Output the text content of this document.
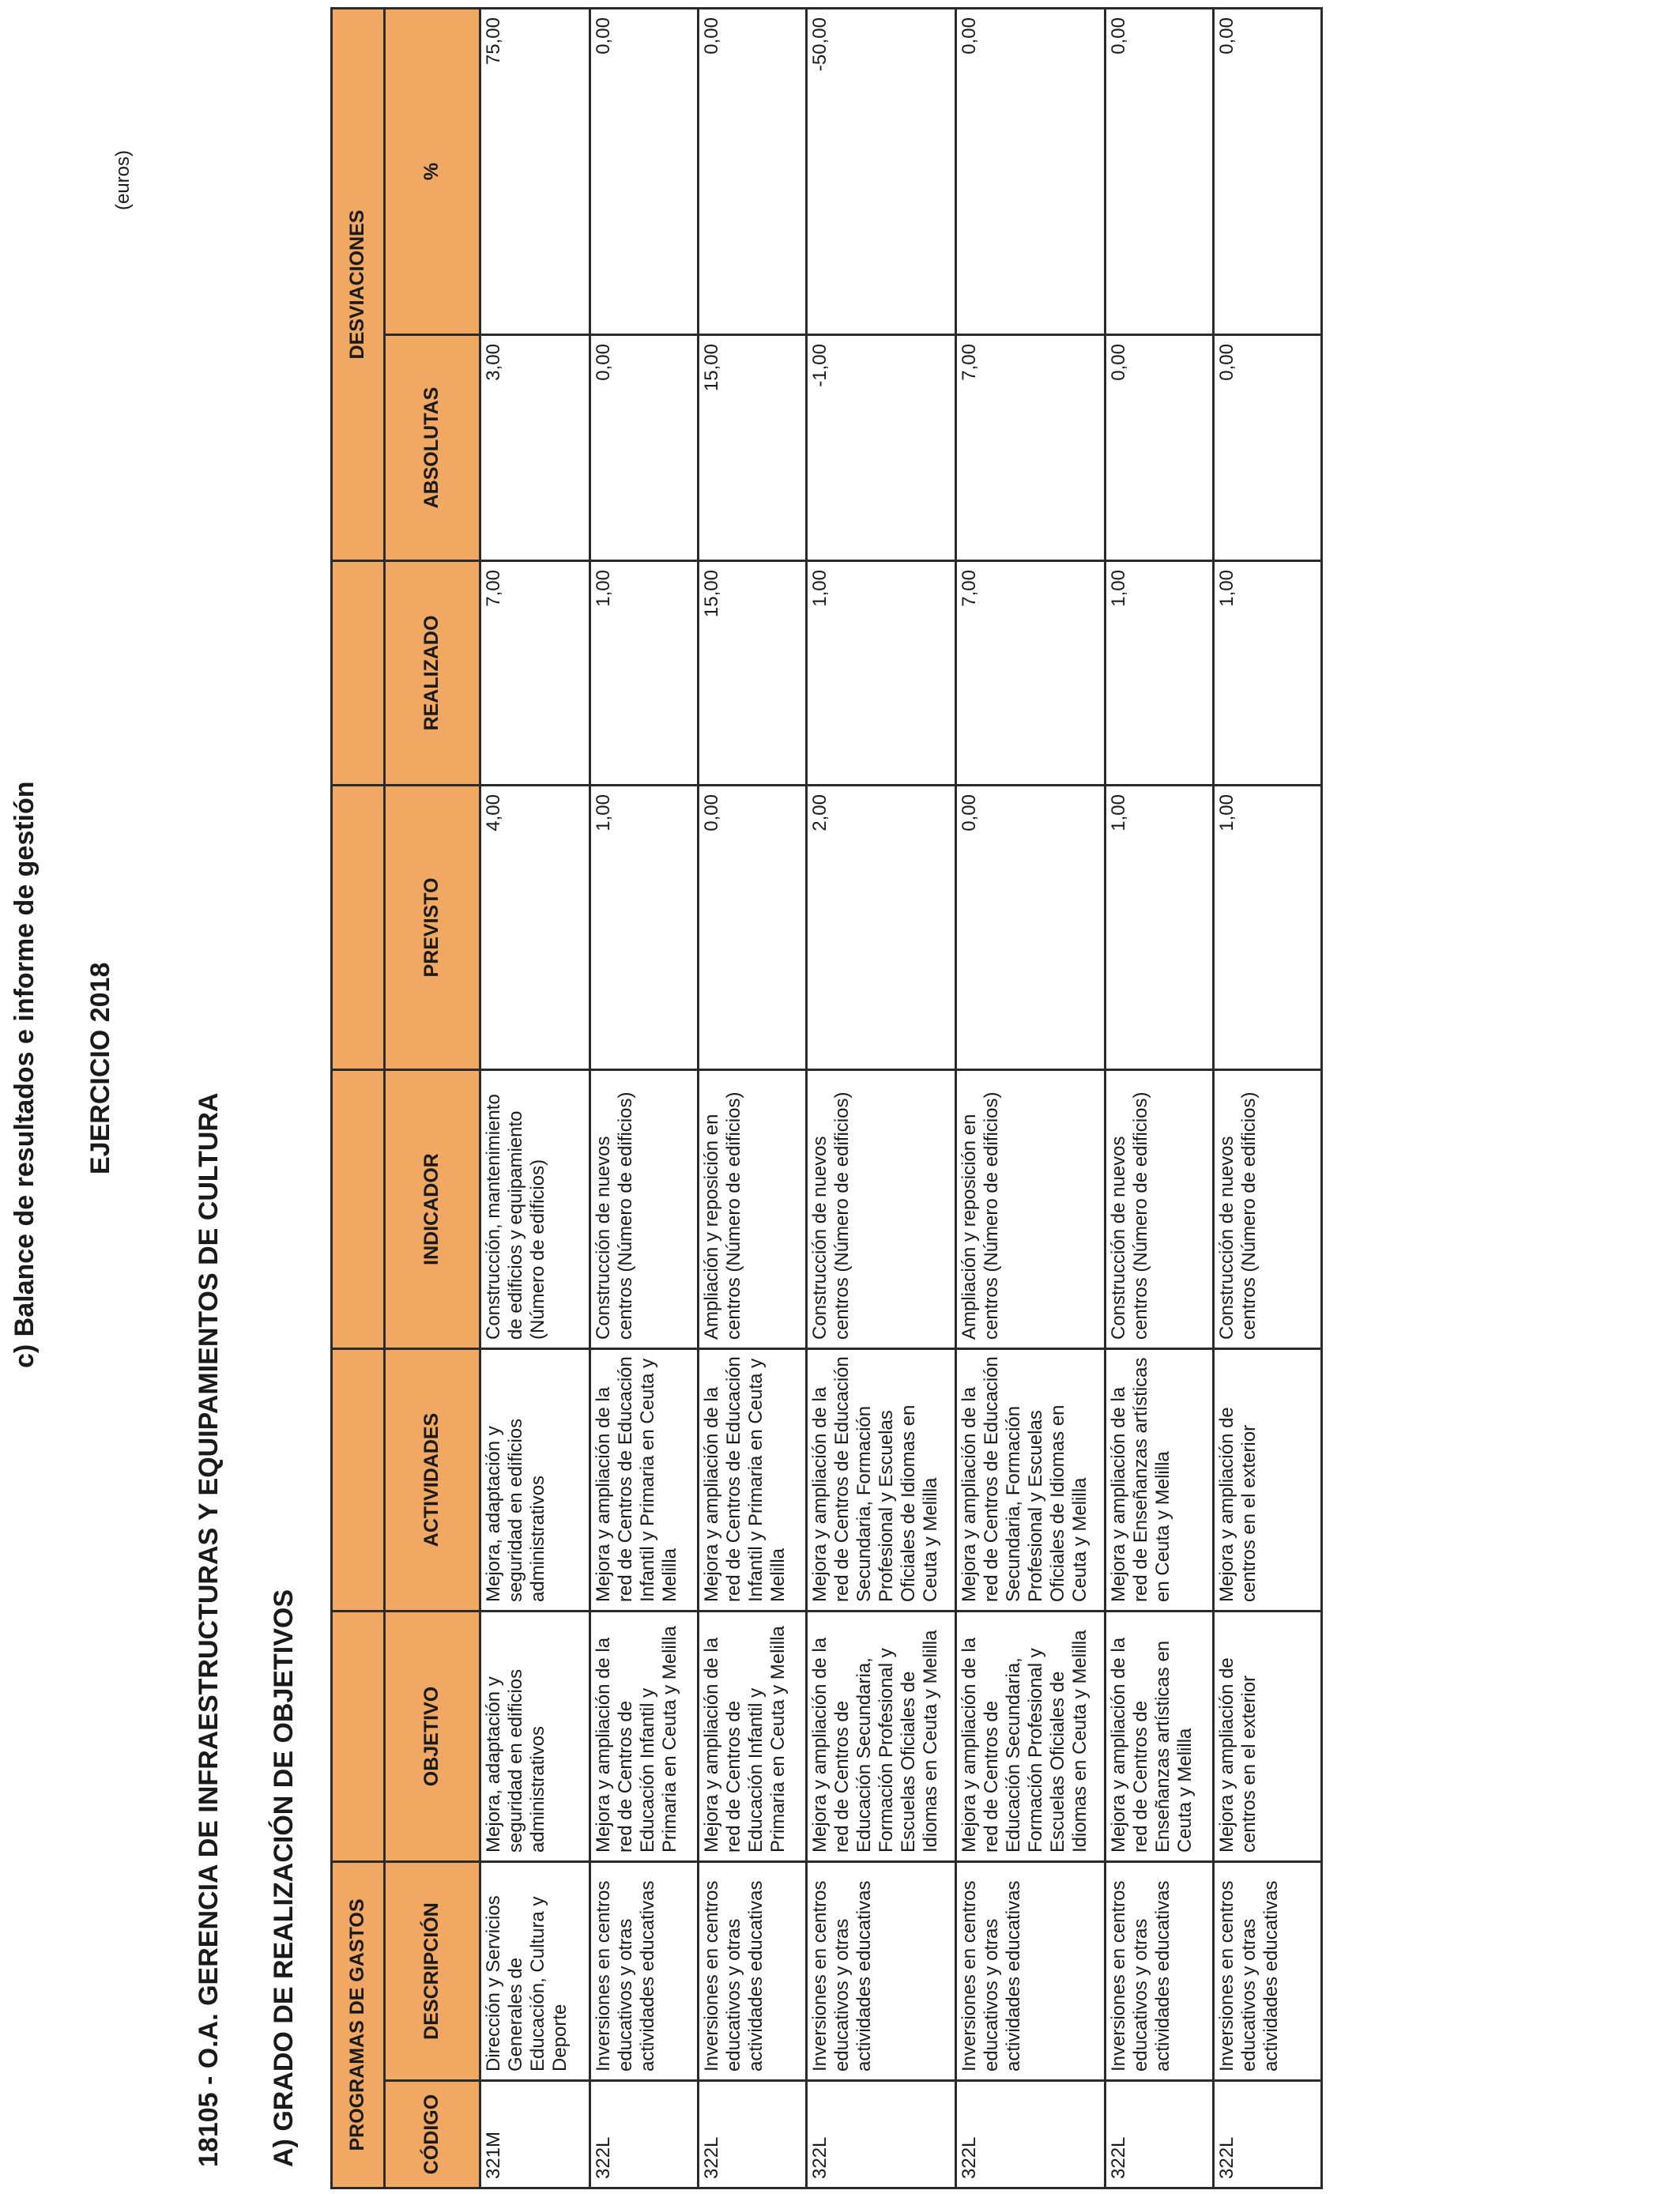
c) Balance de resultados e informe de gestión EJERCICIO 2018
(euros)
18105 - O.A. GERENCIA DE INFRAESTRUCTURAS Y EQUIPAMIENTOS DE CULTURA A) GRADO DE REALIZACIÓN DE OBJETIVOS PROGRAMAS DE GASTOS							DESVIACIONES	
CÓDIGO	DESCRIPCIÓN	OBJETIVO	ACTIVIDADES	INDICADOR	PREVISTO	REALIZADO	ABSOLUTAS	%
321M	Dirección y Servicios Generales de Educación, Cultura y Deporte	Mejora, adaptación y seguridad en edificios administrativos	Mejora, adaptación y seguridad en edificios administrativos	Construcción, mantenimiento de edificios y equipamiento (Número de edificios)	4,00	7,00	3,00	75,00
322L	Inversiones en centros educativos y otras actividades educativas	Mejora y ampliación de la red de Centros de Educación Infantil y Primaria en Ceuta y Melilla	Mejora y ampliación de la red de Centros de Educación Infantil y Primaria en Ceuta y Melilla	Construcción de nuevos centros (Número de edificios)	1,00	1,00	0,00	0,00
322L	Inversiones en centros educativos y otras actividades educativas	Mejora y ampliación de la red de Centros de Educación Infantil y Primaria en Ceuta y Melilla	Mejora y ampliación de la red de Centros de Educación Infantil y Primaria en Ceuta y Melilla	Ampliación y reposición en centros (Número de edificios)	0,00	15,00	15,00	0,00
322L	Inversiones en centros educativos y otras actividades educativas	Mejora y ampliación de la red de Centros de Educación Secundaria, Formación Profesional y Escuelas Oficiales de Idiomas en Ceuta y Melilla	Mejora y ampliación de la red de Centros de Educación Secundaria, Formación Profesional y Escuelas Oficiales de Idiomas en Ceuta y Melilla	Construcción de nuevos centros (Número de edificios)	2,00	1,00	-1,00	-50,00
322L	Inversiones en centros educativos y otras actividades educativas	Mejora y ampliación de la red de Centros de Educación Secundaria, Formación Profesional y Escuelas Oficiales de Idiomas en Ceuta y Melilla	Mejora y ampliación de la red de Centros de Educación Secundaria, Formación Profesional y Escuelas Oficiales de Idiomas en Ceuta y Melilla	Ampliación y reposición en centros (Número de edificios)	0,00	7,00	7,00	0,00
322L	Inversiones en centros educativos y otras actividades educativas	Mejora y ampliación de la red de Centros de Enseñanzas artísticas en Ceuta y Melilla	Mejora y ampliación de la red de Enseñanzas artísticas en Ceuta y Melilla	Construcción de nuevos centros (Número de edificios)	1,00	1,00	0,00	0,00
322L	Inversiones en centros educativos y otras actividades educativas	Mejora y ampliación de centros en el exterior	Mejora y ampliación de centros en el exterior	Construcción de nuevos centros (Número de edificios)	1,00	1,00	0,00	0,00
